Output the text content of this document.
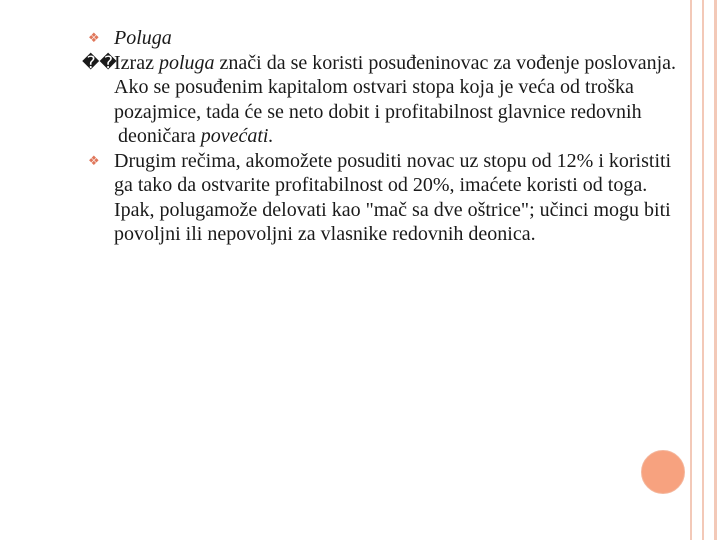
❖ Poluga
��
Izraz poluga znači da se koristi posuđeninovac za vođenje poslovanja. Ako se posuđenim kapitalom ostvari stopa koja je veća od troška pozajmice, tada će se neto dobit i profitabilnost glavnice redovnih
deoničara povećati.
❖ Drugim rečima, akomožete posuditi novac uz stopu od 12% i koristiti ga tako da ostvarite profitabilnost od 20%, imaćete koristi od toga. Ipak, polugamože delovati kao "mač sa dve oštrice"; učinci mogu biti povoljni ili nepovoljni za vlasnike redovnih deonica.
